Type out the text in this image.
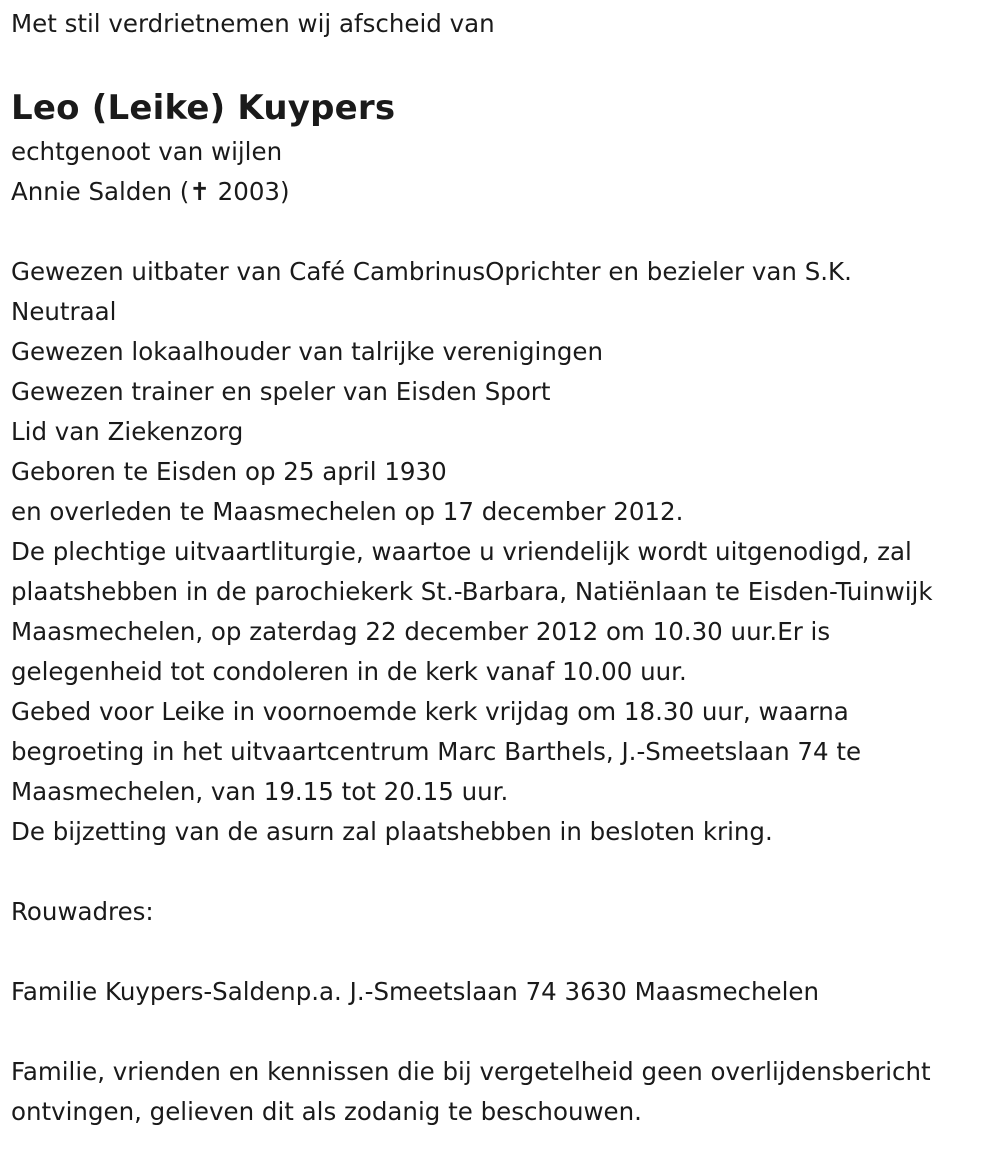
Met stil verdrietnemen wij afscheid van
Leo (Leike) Kuypers
echtgenoot van wijlen
Annie Salden (✝ 2003)
Gewezen uitbater van Café CambrinusOprichter en bezieler van S.K.
Neutraal
Gewezen lokaalhouder van talrijke verenigingen
Gewezen trainer en speler van Eisden Sport
Lid van Ziekenzorg
Geboren te Eisden op 25 april 1930
en overleden te Maasmechelen op 17 december 2012.
De plechtige uitvaartliturgie, waartoe u vriendelijk wordt uitgenodigd, zal plaatshebben in de parochiekerk St.-Barbara, Natiënlaan te Eisden-Tuinwijk Maasmechelen, op zaterdag 22 december 2012 om 10.30 uur.Er is gelegenheid tot condoleren in de kerk vanaf 10.00 uur.
Gebed voor Leike in voornoemde kerk vrijdag om 18.30 uur, waarna begroeting in het uitvaartcentrum Marc Barthels, J.-Smeetslaan 74 te Maasmechelen, van 19.15 tot 20.15 uur.
De bijzetting van de asurn zal plaatshebben in besloten kring.
Rouwadres:
Familie Kuypers-Saldenp.a. J.-Smeetslaan 74 3630 Maasmechelen
Familie, vrienden en kennissen die bij vergetelheid geen overlijdensbericht ontvingen, gelieven dit als zodanig te beschouwen.
